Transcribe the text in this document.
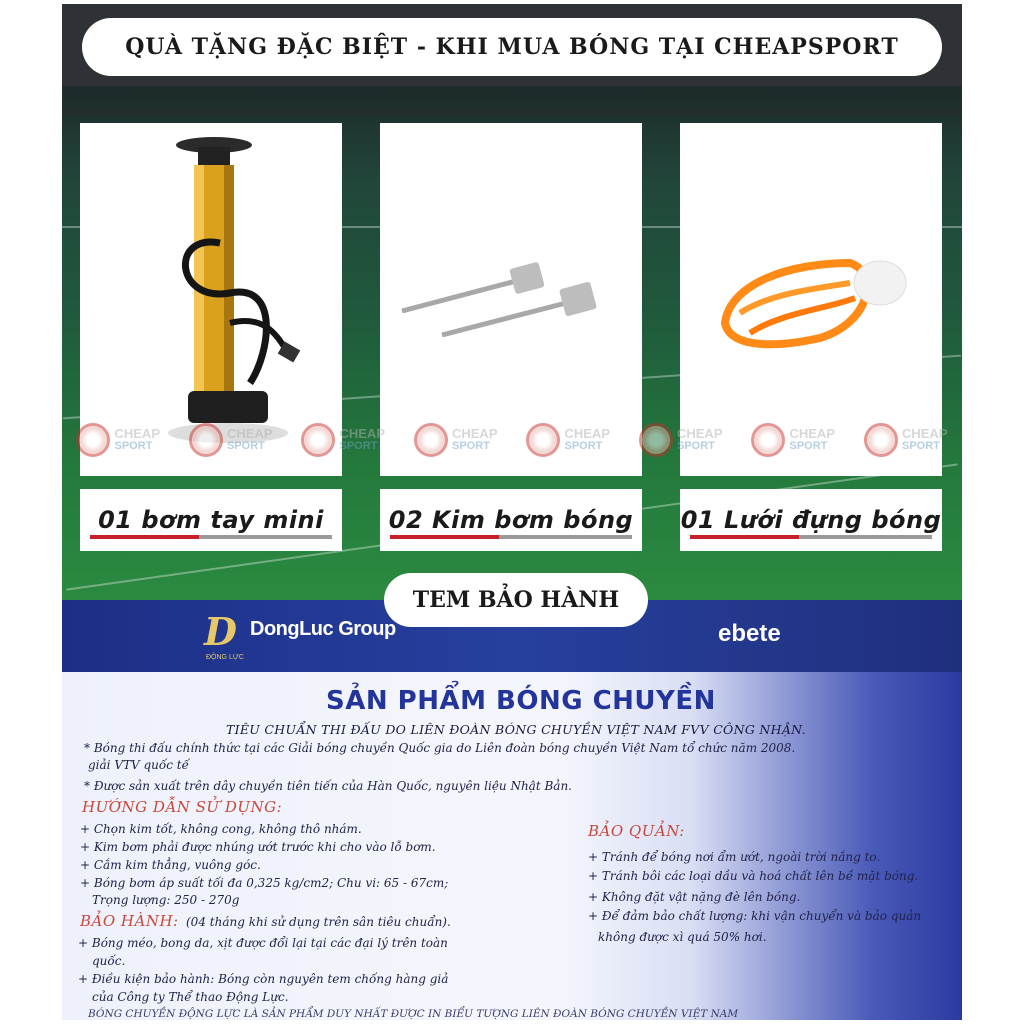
QUÀ TẶNG ĐẶC BIỆT - KHI MUA BÓNG TẠI CHEAPSPORT
CHEAP
SPORT
CHEAP
SPORT
CHEAP
SPORT
CHEAP
SPORT
CHEAP
SPORT
CHEAP
SPORT
CHEAP
SPORT
CHEAP
SPORT
01 bơm tay mini	02 Kim bơm bóng 01 Lưới đựng bóng
TEM BẢO HÀNH
D DongLuc Group
ĐỘNG LỰC
ebete
SẢN PHẨM BÓNG CHUYỀN
TIÊU CHUẨN THI ĐẤU DO LIÊN ĐOÀN BÓNG CHUYỀN VIỆT NAM FVV CÔNG NHẬN.
* Bóng thi đấu chính thức tại các Giải bóng chuyền Quốc gia do Liên đoàn bóng chuyền Việt Nam tổ chức năm 2008.
giải VTV quốc tế
* Được sản xuất trên dây chuyền tiên tiến của Hàn Quốc, nguyên liệu Nhật Bản.
HƯỚNG DẪN SỬ DỤNG:
+ Chọn kim tốt, không cong, không thô nhám.
+ Kim bơm phải được nhúng ướt trước khi cho vào lỗ bơm.
+ Cắm kim thẳng, vuông góc.
+ Bóng bơm áp suất tối đa 0,325 kg/cm2; Chu vi: 65 - 67cm;
Trọng lượng: 250 - 270g
BẢO HÀNH: (04 tháng khi sử dụng trên sân tiêu chuẩn).
+ Bóng méo, bong da, xịt được đổi lại tại các đại lý trên toàn
quốc.
+ Điều kiện bảo hành: Bóng còn nguyên tem chống hàng giả
của Công ty Thể thao Động Lực.
BẢO QUẢN:
+ Tránh để bóng nơi ẩm ướt, ngoài trời nắng to.
+ Tránh bôi các loại dầu và hoá chất lên bề mặt bóng.
+ Không đặt vật nặng đè lên bóng.
+ Để đảm bảo chất lượng: khi vận chuyển và bảo quản
không được xì quá 50% hơi.
BÓNG CHUYỀN ĐỘNG LỰC LÀ SẢN PHẨM DUY NHẤT ĐƯỢC IN BIỂU TƯỢNG LIÊN ĐOÀN BÓNG CHUYỀN VIỆT NAM
